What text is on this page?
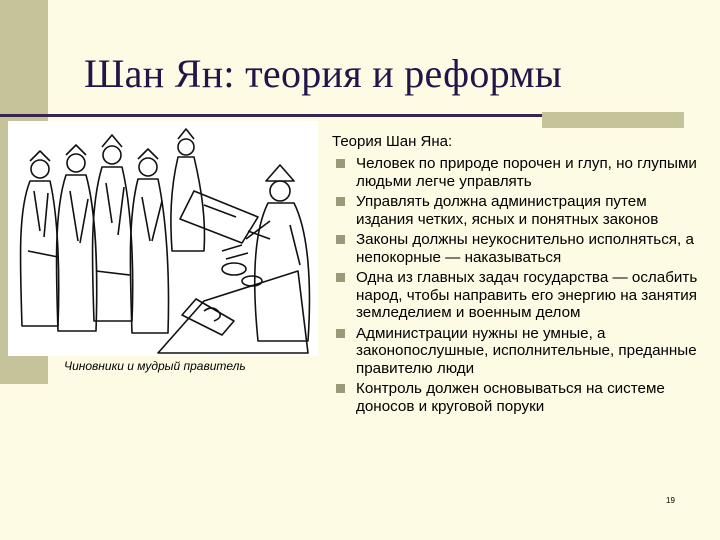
Шан Ян: теория и реформы
Чиновники и мудрый правитель
Теория Шан Яна:
Человек по природе порочен и глуп, но глупыми людьми легче управлять
Управлять должна администрация путем издания четких, ясных и понятных законов
Законы должны неукоснительно исполняться, а непокорные — наказываться
Одна из главных задач государства — ослабить народ, чтобы направить его энергию на занятия земледелием и военным делом
Администрации нужны не умные, а законопослушные, исполнительные, преданные правителю люди
Контроль должен основываться на системе доносов и круговой поруки
19
